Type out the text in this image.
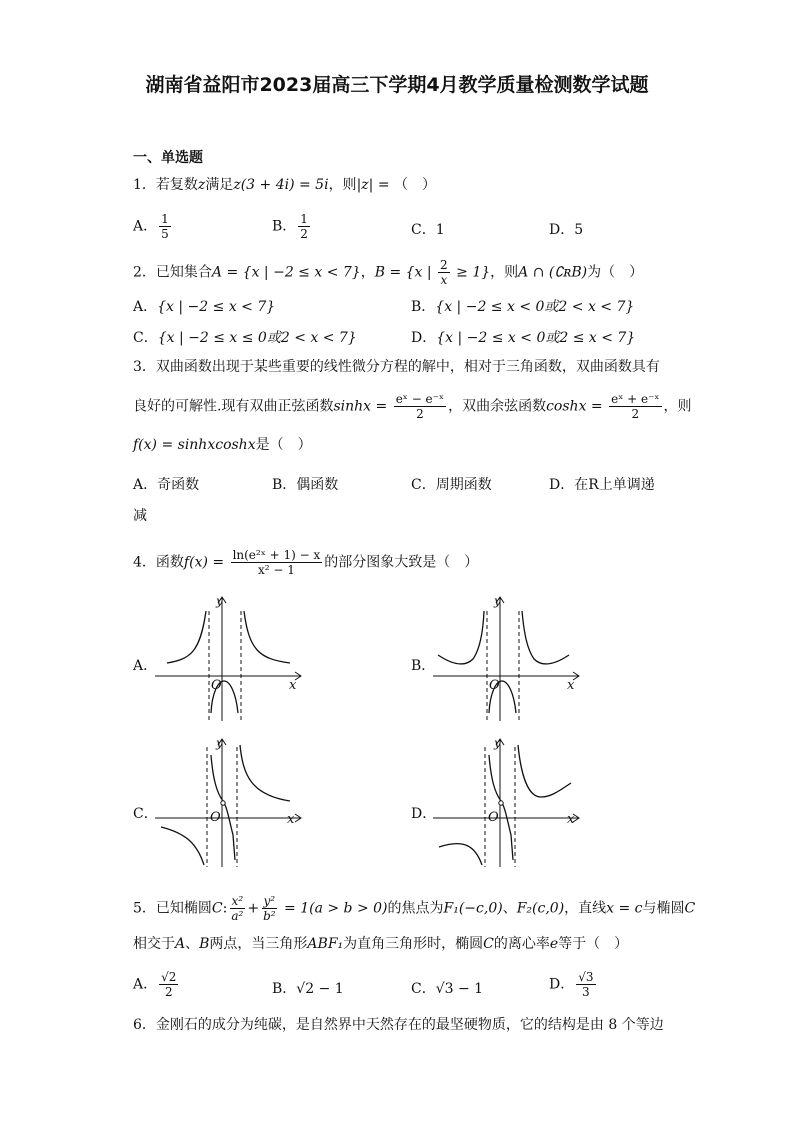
湖南省益阳市2023届高三下学期4月教学质量检测数学试题
一、单选题
1．若复数z满足z(3 + 4i) = 5i，则|z| = （　）
A． $\frac{1}{5}$	B． $\frac{1}{2}$	C．1	D．5
2．已知集合A = {x | −2 ≤ x < 7}，B = {x | $\frac{2}{x} \ge 1$}，则A ∩ (∁ʀB)为（　）
A．{x | −2 ≤ x < 7}	B．{x | −2 ≤ x < 0或2 < x < 7}
C．{x | −2 ≤ x ≤ 0或2 < x < 7}	D．{x | −2 ≤ x < 0或2 ≤ x < 7}
3．双曲函数出现于某些重要的线性微分方程的解中，相对于三角函数，双曲函数具有
良好的可解性.现有双曲正弦函数$\sinh x = \frac{\text{eˣ − e⁻ˣ}}{2}$ ，双曲余弦函数$\cosh x = \frac{\text{eˣ + e⁻ˣ}}{2}$ ，则
f(x) = sinhxcoshx是（　）
A．奇函数	B．偶函数	C．周期函数	D．在R上单调递
减
4．函数$f(x) = \frac{\text{ln(e²ˣ + 1) − x}}{\text{x² − 1}}$ 的部分图象大致是（　）
A．	B．
C．	D．
y
x
O
y
x
O
y
x
O
y
x
O
5．已知椭圆C: $\frac{\text{x²}}{\text{a²}} + \frac{\text{y²}}{\text{b²}} = 1(a > b > 0)$的焦点为F₁(−c,0)、F₂(c,0)，直线x = c与椭圆C
相交于A、B两点，当三角形ABF₁为直角三角形时，椭圆C的离心率e等于（　）
A． $\frac{√2}{2}$	B．√2 − 1	C．√3 − 1	D． $\frac{√3}{3}$
6．金刚石的成分为纯碳，是自然界中天然存在的最坚硬物质，它的结构是由 8 个等边
